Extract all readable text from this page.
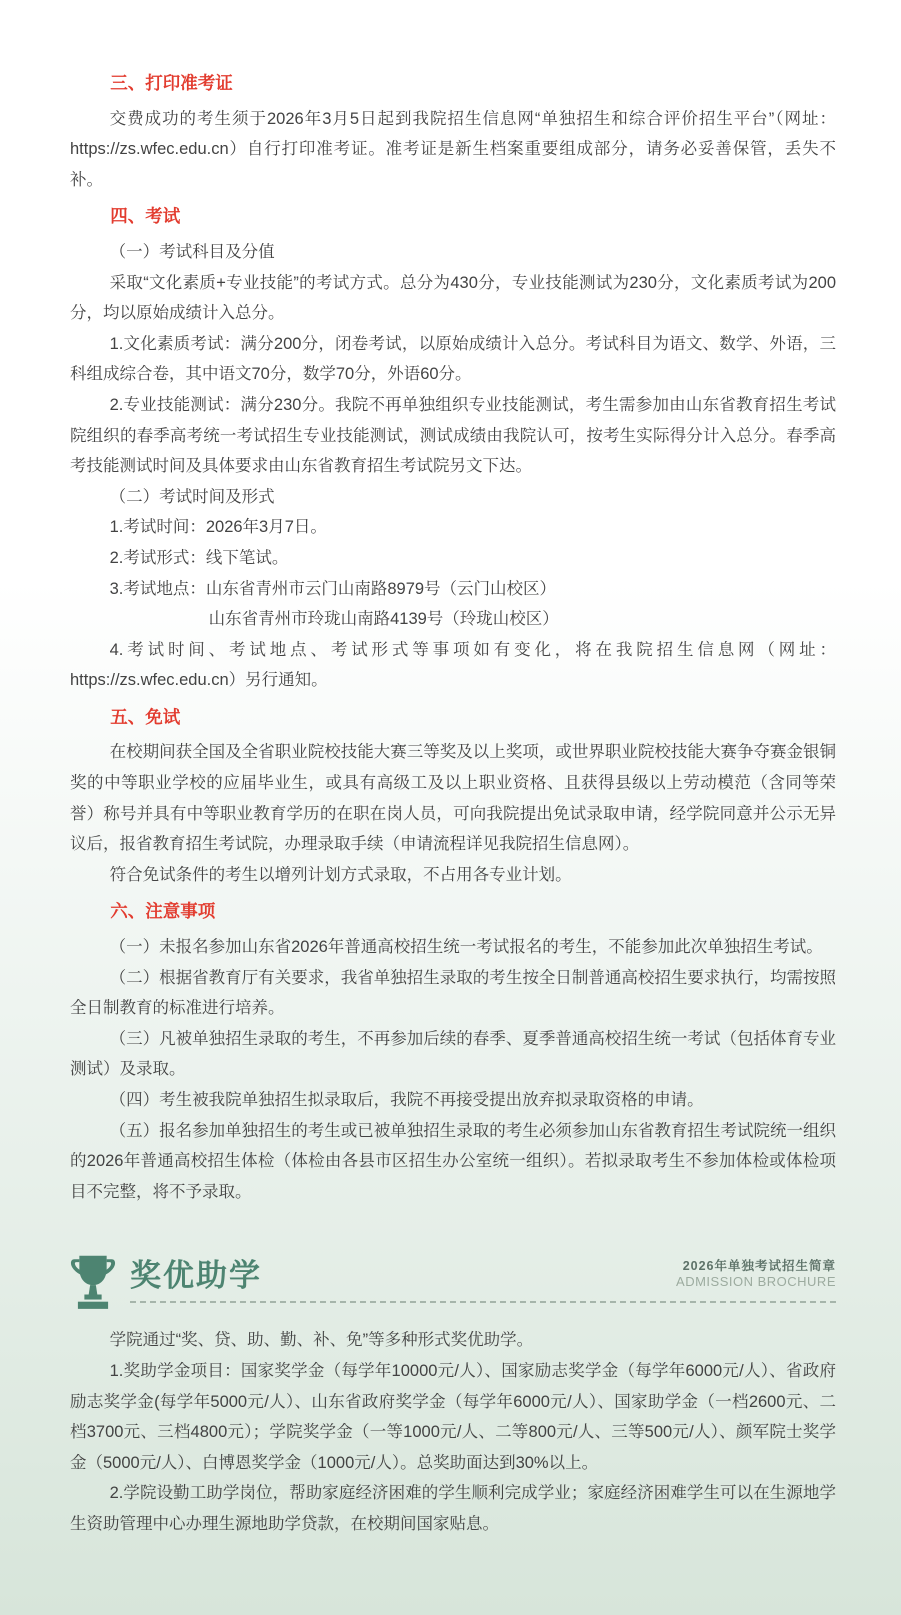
三、打印准考证

交费成功的考生须于2026年3月5日起到我院招生信息网“单独招生和综合评价招生平台”（网址：https://zs.wfec.edu.cn）自行打印准考证。准考证是新生档案重要组成部分，请务必妥善保管，丢失不补。

四、考试

（一）考试科目及分值

采取“文化素质+专业技能”的考试方式。总分为430分，专业技能测试为230分，文化素质考试为200分，均以原始成绩计入总分。

1.文化素质考试：满分200分，闭卷考试，以原始成绩计入总分。考试科目为语文、数学、外语，三科组成综合卷，其中语文70分，数学70分，外语60分。

2.专业技能测试：满分230分。我院不再单独组织专业技能测试，考生需参加由山东省教育招生考试院组织的春季高考统一考试招生专业技能测试，测试成绩由我院认可，按考生实际得分计入总分。春季高考技能测试时间及具体要求由山东省教育招生考试院另文下达。

（二）考试时间及形式

1.考试时间：2026年3月7日。

2.考试形式：线下笔试。

3.考试地点：山东省青州市云门山南路8979号（云门山校区）

山东省青州市玲珑山南路4139号（玲珑山校区）

4.考试时间、考试地点、考试形式等事项如有变化，将在我院招生信息网（网址：https://zs.wfec.edu.cn）另行通知。

五、免试

在校期间获全国及全省职业院校技能大赛三等奖及以上奖项，或世界职业院校技能大赛争夺赛金银铜奖的中等职业学校的应届毕业生，或具有高级工及以上职业资格、且获得县级以上劳动模范（含同等荣誉）称号并具有中等职业教育学历的在职在岗人员，可向我院提出免试录取申请，经学院同意并公示无异议后，报省教育招生考试院，办理录取手续（申请流程详见我院招生信息网）。

符合免试条件的考生以增列计划方式录取，不占用各专业计划。

六、注意事项

（一）未报名参加山东省2026年普通高校招生统一考试报名的考生，不能参加此次单独招生考试。

（二）根据省教育厅有关要求，我省单独招生录取的考生按全日制普通高校招生要求执行，均需按照全日制教育的标准进行培养。

（三）凡被单独招生录取的考生，不再参加后续的春季、夏季普通高校招生统一考试（包括体育专业测试）及录取。

（四）考生被我院单独招生拟录取后，我院不再接受提出放弃拟录取资格的申请。

（五）报名参加单独招生的考生或已被单独招生录取的考生必须参加山东省教育招生考试院统一组织的2026年普通高校招生体检（体检由各县市区招生办公室统一组织）。若拟录取考生不参加体检或体检项目不完整，将不予录取。

奖优助学	2026年单独考试招生简章
ADMISSION BROCHURE

学院通过“奖、贷、助、勤、补、免”等多种形式奖优助学。

1.奖助学金项目：国家奖学金（每学年10000元/人）、国家励志奖学金（每学年6000元/人）、省政府励志奖学金(每学年5000元/人）、山东省政府奖学金（每学年6000元/人）、国家助学金（一档2600元、二档3700元、三档4800元）；学院奖学金（一等1000元/人、二等800元/人、三等500元/人）、颜军院士奖学金（5000元/人）、白博恩奖学金（1000元/人）。总奖助面达到30%以上。

2.学院设勤工助学岗位，帮助家庭经济困难的学生顺利完成学业；家庭经济困难学生可以在生源地学生资助管理中心办理生源地助学贷款，在校期间国家贴息。
